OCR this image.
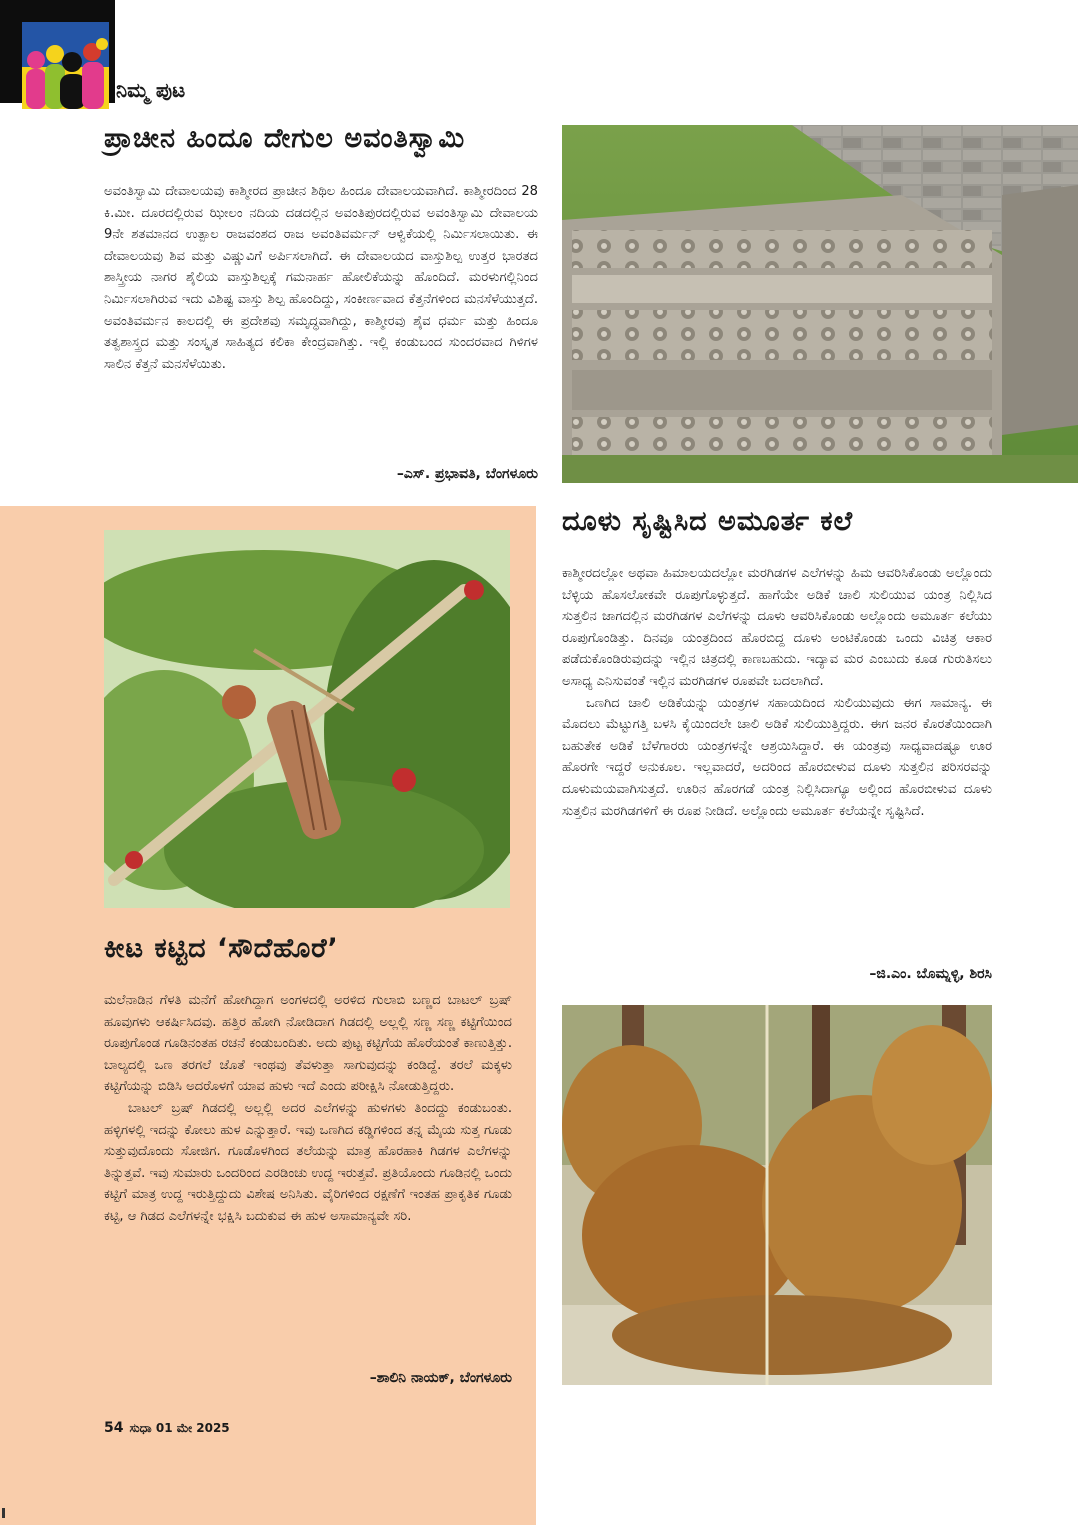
ನಿಮ್ಮ ಪುಟ
ಪ್ರಾಚೀನ ಹಿಂದೂ ದೇಗುಲ ಅವಂತಿಸ್ವಾಮಿ

ಅವಂತಿಸ್ವಾಮಿ ದೇವಾಲಯವು ಕಾಶ್ಮೀರದ ಪ್ರಾಚೀನ ಶಿಥಿಲ ಹಿಂದೂ ದೇವಾಲಯವಾಗಿದೆ. ಕಾಶ್ಮೀರದಿಂದ 28 ಕಿ.ಮೀ. ದೂರದಲ್ಲಿರುವ ಝೀಲಂ ನದಿಯ ದಡದಲ್ಲಿನ ಅವಂತಿಪುರದಲ್ಲಿರುವ ಅವಂತಿಸ್ವಾಮಿ ದೇವಾಲಯ 9ನೇ ಶತಮಾನದ ಉತ್ಪಾಲ ರಾಜವಂಶದ ರಾಜ ಅವಂತಿವರ್ಮನ್ ಆಳ್ವಿಕೆಯಲ್ಲಿ ನಿರ್ಮಿಸಲಾಯಿತು. ಈ ದೇವಾಲಯವು ಶಿವ ಮತ್ತು ವಿಷ್ಣುವಿಗೆ ಅರ್ಪಿಸಲಾಗಿದೆ. ಈ ದೇವಾಲಯದ ವಾಸ್ತುಶಿಲ್ಪ ಉತ್ತರ ಭಾರತದ ಶಾಸ್ತ್ರೀಯ ನಾಗರ ಶೈಲಿಯ ವಾಸ್ತುಶಿಲ್ಪಕ್ಕೆ ಗಮನಾರ್ಹ ಹೋಲಿಕೆಯನ್ನು ಹೊಂದಿದೆ. ಮರಳುಗಲ್ಲಿನಿಂದ ನಿರ್ಮಿಸಲಾಗಿರುವ ಇದು ವಿಶಿಷ್ಟ ವಾಸ್ತು ಶಿಲ್ಪ ಹೊಂದಿದ್ದು, ಸಂಕೀರ್ಣವಾದ ಕೆತ್ತನೆಗಳಿಂದ ಮನಸೆಳೆಯುತ್ತದೆ. ಅವಂತಿವರ್ಮನ ಕಾಲದಲ್ಲಿ ಈ ಪ್ರದೇಶವು ಸಮೃದ್ಧವಾಗಿದ್ದು, ಕಾಶ್ಮೀರವು ಶೈವ ಧರ್ಮ ಮತ್ತು ಹಿಂದೂ ತತ್ವಶಾಸ್ತ್ರದ ಮತ್ತು ಸಂಸ್ಕೃತ ಸಾಹಿತ್ಯದ ಕಲಿಕಾ ಕೇಂದ್ರವಾಗಿತ್ತು. ಇಲ್ಲಿ ಕಂಡುಬಂದ ಸುಂದರವಾದ ಗಿಳಿಗಳ ಸಾಲಿನ ಕೆತ್ತನೆ ಮನಸೆಳೆಯಿತು.

–ಎಸ್. ಪ್ರಭಾವತಿ, ಬೆಂಗಳೂರು
ಕೀಟ ಕಟ್ಟಿದ ‘ಸೌದೆಹೊರೆ’

ಮಲೆನಾಡಿನ ಗೆಳತಿ ಮನೆಗೆ ಹೋಗಿದ್ದಾಗ ಅಂಗಳದಲ್ಲಿ ಅರಳಿದ ಗುಲಾಬಿ ಬಣ್ಣದ ಬಾಟಲ್ ಬ್ರಷ್ ಹೂವುಗಳು ಆಕರ್ಷಿಸಿದವು. ಹತ್ತಿರ ಹೋಗಿ ನೋಡಿದಾಗ ಗಿಡದಲ್ಲಿ ಅಲ್ಲಲ್ಲಿ ಸಣ್ಣ ಸಣ್ಣ ಕಟ್ಟಿಗೆಯಿಂದ ರೂಪುಗೊಂಡ ಗೂಡಿನಂತಹ ರಚನೆ ಕಂಡುಬಂದಿತು. ಅದು ಪುಟ್ಟ ಕಟ್ಟಿಗೆಯ ಹೊರೆಯಂತೆ ಕಾಣುತ್ತಿತ್ತು. ಬಾಲ್ಯದಲ್ಲಿ ಒಣ ತರಗಲೆ ಜೊತೆ ಇಂಥವು ತೆವಳುತ್ತಾ ಸಾಗುವುದನ್ನು ಕಂಡಿದ್ದೆ. ತರಲೆ ಮಕ್ಕಳು ಕಟ್ಟಿಗೆಯನ್ನು ಬಿಡಿಸಿ ಅದರೊಳಗೆ ಯಾವ ಹುಳು ಇದೆ ಎಂದು ಪರೀಕ್ಷಿಸಿ ನೋಡುತ್ತಿದ್ದರು.

ಬಾಟಲ್ ಬ್ರಷ್ ಗಿಡದಲ್ಲಿ ಅಲ್ಲಲ್ಲಿ ಅದರ ಎಲೆಗಳನ್ನು ಹುಳಗಳು ತಿಂದದ್ದು ಕಂಡುಬಂತು. ಹಳ್ಳಿಗಳಲ್ಲಿ ಇದನ್ನು ಕೋಲು ಹುಳ ಎನ್ನುತ್ತಾರೆ. ಇವು ಒಣಗಿದ ಕಡ್ಡಿಗಳಿಂದ ತನ್ನ ಮೈಯ ಸುತ್ತ ಗೂಡು ಸುತ್ತುವುದೊಂದು ಸೋಜಿಗ. ಗೂಡೊಳಗಿಂದ ತಲೆಯನ್ನು ಮಾತ್ರ ಹೊರಹಾಕಿ ಗಿಡಗಳ ಎಲೆಗಳನ್ನು ತಿನ್ನುತ್ತವೆ. ಇವು ಸುಮಾರು ಒಂದರಿಂದ ಎರಡಿಂಚು ಉದ್ದ ಇರುತ್ತವೆ. ಪ್ರತಿಯೊಂದು ಗೂಡಿನಲ್ಲಿ ಒಂದು ಕಟ್ಟಿಗೆ ಮಾತ್ರ ಉದ್ದ ಇರುತ್ತಿದ್ದುದು ವಿಶೇಷ ಅನಿಸಿತು. ವೈರಿಗಳಿಂದ ರಕ್ಷಣೆಗೆ ಇಂತಹ ಪ್ರಾಕೃತಿಕ ಗೂಡು ಕಟ್ಟಿ, ಆ ಗಿಡದ ಎಲೆಗಳನ್ನೇ ಭಕ್ಷಿಸಿ ಬದುಕುವ ಈ ಹುಳ ಅಸಾಮಾನ್ಯವೇ ಸರಿ.

–ಶಾಲಿನಿ ನಾಯಕ್, ಬೆಂಗಳೂರು
ದೂಳು ಸೃಷ್ಟಿಸಿದ ಅಮೂರ್ತ ಕಲೆ

ಕಾಶ್ಮೀರದಲ್ಲೋ ಅಥವಾ ಹಿಮಾಲಯದಲ್ಲೋ ಮರಗಿಡಗಳ ಎಲೆಗಳನ್ನು ಹಿಮ ಆವರಿಸಿಕೊಂಡು ಅಲ್ಲೊಂದು ಬೆಳ್ಳಿಯ ಹೊಸಲೋಕವೇ ರೂಪುಗೊಳ್ಳುತ್ತದೆ. ಹಾಗೆಯೇ ಅಡಿಕೆ ಚಾಲಿ ಸುಲಿಯುವ ಯಂತ್ರ ನಿಲ್ಲಿಸಿದ ಸುತ್ತಲಿನ ಜಾಗದಲ್ಲಿನ ಮರಗಿಡಗಳ ಎಲೆಗಳನ್ನು ದೂಳು ಆವರಿಸಿಕೊಂಡು ಅಲ್ಲೊಂದು ಅಮೂರ್ತ ಕಲೆಯು ರೂಪುಗೊಂಡಿತ್ತು. ದಿನವೂ ಯಂತ್ರದಿಂದ ಹೊರಬಿದ್ದ ದೂಳು ಅಂಟಿಕೊಂಡು ಒಂದು ವಿಚಿತ್ರ ಆಕಾರ ಪಡೆದುಕೊಂಡಿರುವುದನ್ನು ಇಲ್ಲಿನ ಚಿತ್ರದಲ್ಲಿ ಕಾಣಬಹುದು. ಇದ್ಯಾವ ಮರ ಎಂಬುದು ಕೂಡ ಗುರುತಿಸಲು ಅಸಾಧ್ಯ ಎನಿಸುವಂತೆ ಇಲ್ಲಿನ ಮರಗಿಡಗಳ ರೂಪವೇ ಬದಲಾಗಿದೆ.

ಒಣಗಿದ ಚಾಲಿ ಅಡಿಕೆಯನ್ನು ಯಂತ್ರಗಳ ಸಹಾಯದಿಂದ ಸುಲಿಯುವುದು ಈಗ ಸಾಮಾನ್ಯ. ಈ ಮೊದಲು ಮೆಟ್ಟುಗತ್ತಿ ಬಳಸಿ ಕೈಯಿಂದಲೇ ಚಾಲಿ ಅಡಿಕೆ ಸುಲಿಯುತ್ತಿದ್ದರು. ಈಗ ಜನರ ಕೊರತೆಯಿಂದಾಗಿ ಬಹುತೇಕ ಅಡಿಕೆ ಬೆಳೆಗಾರರು ಯಂತ್ರಗಳನ್ನೇ ಆಶ್ರಯಿಸಿದ್ದಾರೆ. ಈ ಯಂತ್ರವು ಸಾಧ್ಯವಾದಷ್ಟೂ ಊರ ಹೊರಗೇ ಇದ್ದರೆ ಅನುಕೂಲ. ಇಲ್ಲವಾದರೆ, ಅದರಿಂದ ಹೊರಬೀಳುವ ದೂಳು ಸುತ್ತಲಿನ ಪರಿಸರವನ್ನು ದೂಳುಮಯವಾಗಿಸುತ್ತದೆ. ಊರಿನ ಹೊರಗಡೆ ಯಂತ್ರ ನಿಲ್ಲಿಸಿದಾಗ್ಯೂ ಅಲ್ಲಿಂದ ಹೊರಬೀಳುವ ದೂಳು ಸುತ್ತಲಿನ ಮರಗಿಡಗಳಿಗೆ ಈ ರೂಪ ನೀಡಿದೆ. ಅಲ್ಲೊಂದು ಅಮೂರ್ತ ಕಲೆಯನ್ನೇ ಸೃಷ್ಟಿಸಿದೆ.

–ಜಿ.ಎಂ. ಬೊಮ್ನಳ್ಳಿ, ಶಿರಸಿ
54 ಸುಧಾ 01 ಮೇ 2025
